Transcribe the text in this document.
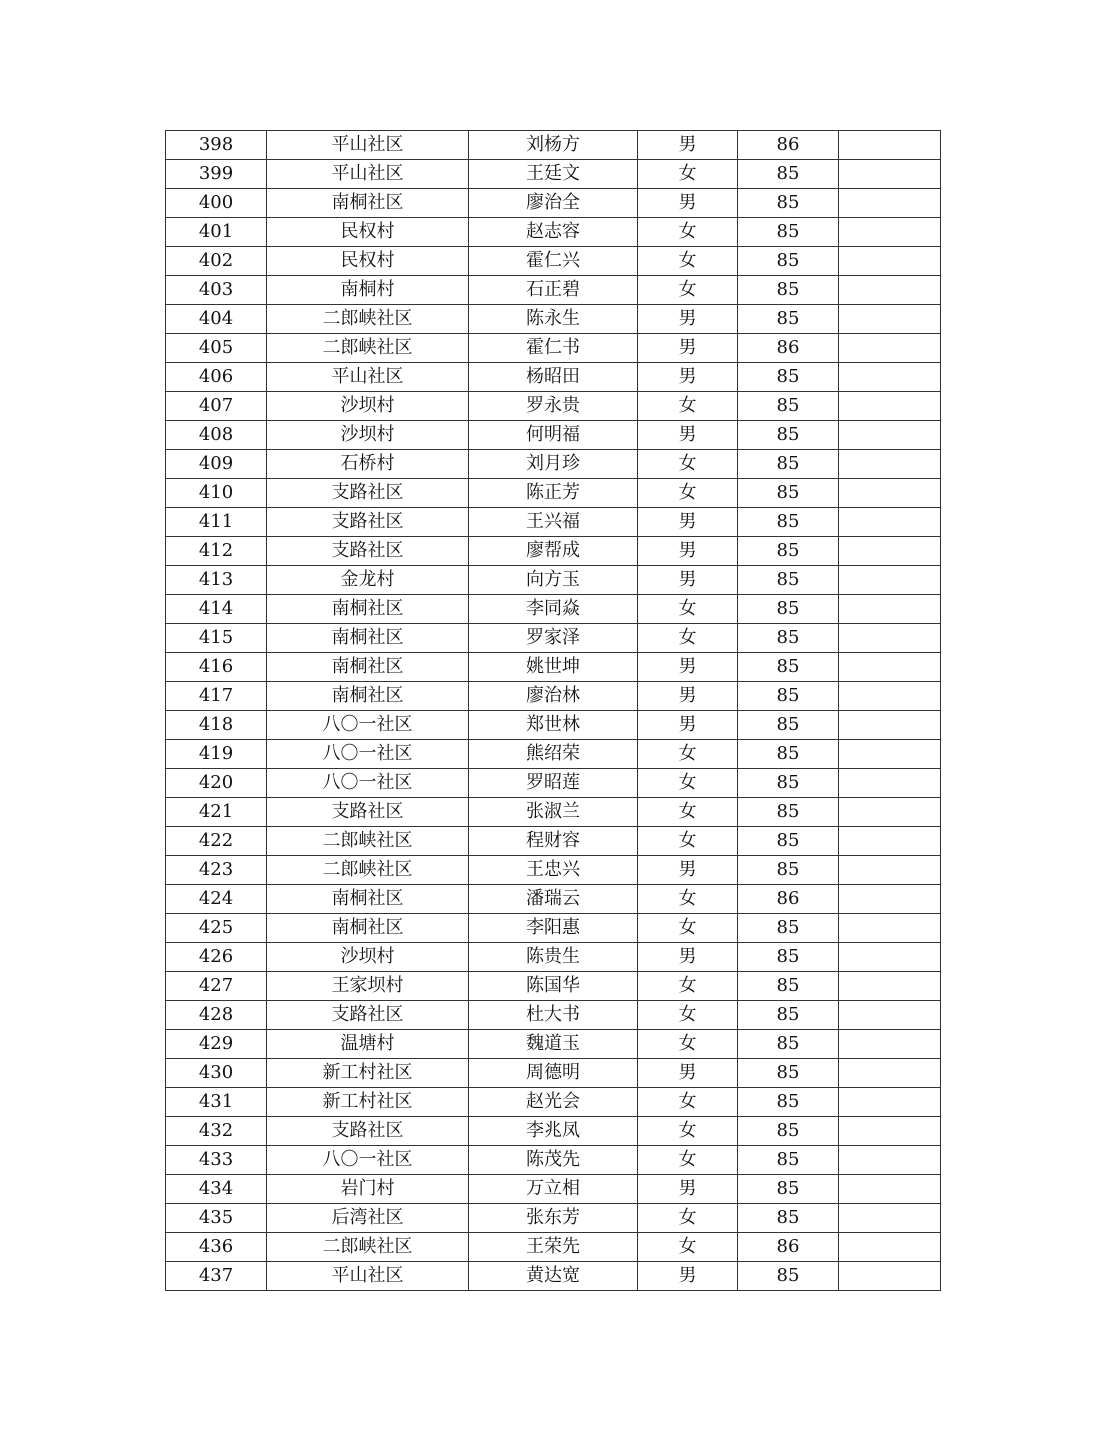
398	平山社区	刘杨方	男	86	
399	平山社区	王廷文	女	85	
400	南桐社区	廖治全	男	85	
401	民权村	赵志容	女	85	
402	民权村	霍仁兴	女	85	
403	南桐村	石正碧	女	85	
404	二郎峡社区	陈永生	男	85	
405	二郎峡社区	霍仁书	男	86	
406	平山社区	杨昭田	男	85	
407	沙坝村	罗永贵	女	85	
408	沙坝村	何明福	男	85	
409	石桥村	刘月珍	女	85	
410	支路社区	陈正芳	女	85	
411	支路社区	王兴福	男	85	
412	支路社区	廖帮成	男	85	
413	金龙村	向方玉	男	85	
414	南桐社区	李同焱	女	85	
415	南桐社区	罗家泽	女	85	
416	南桐社区	姚世坤	男	85	
417	南桐社区	廖治林	男	85	
418	八〇一社区	郑世林	男	85	
419	八〇一社区	熊绍荣	女	85	
420	八〇一社区	罗昭莲	女	85	
421	支路社区	张淑兰	女	85	
422	二郎峡社区	程财容	女	85	
423	二郎峡社区	王忠兴	男	85	
424	南桐社区	潘瑞云	女	86	
425	南桐社区	李阳惠	女	85	
426	沙坝村	陈贵生	男	85	
427	王家坝村	陈国华	女	85	
428	支路社区	杜大书	女	85	
429	温塘村	魏道玉	女	85	
430	新工村社区	周德明	男	85	
431	新工村社区	赵光会	女	85	
432	支路社区	李兆凤	女	85	
433	八〇一社区	陈茂先	女	85	
434	岩门村	万立相	男	85	
435	后湾社区	张东芳	女	85	
436	二郎峡社区	王荣先	女	86	
437	平山社区	黄达宽	男	85	
